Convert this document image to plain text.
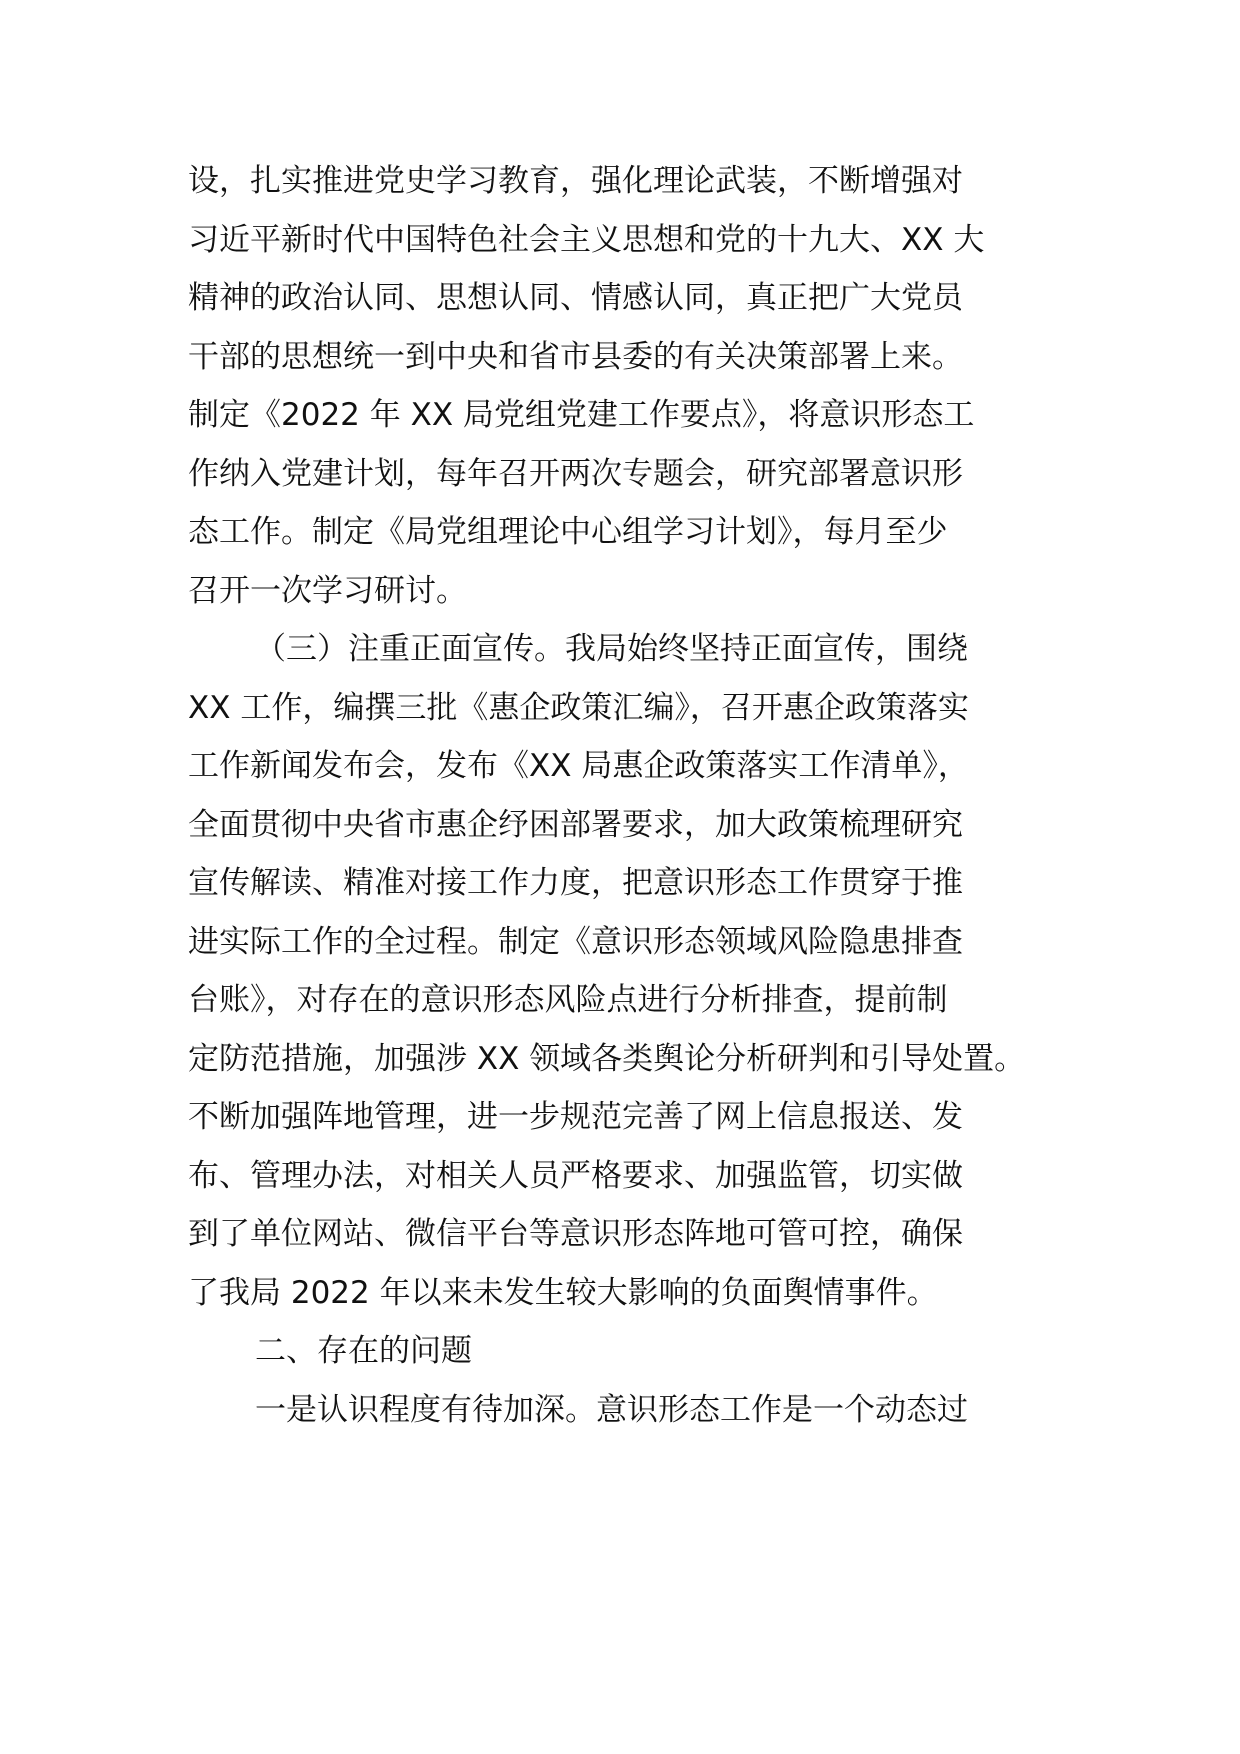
设，扎实推进党史学习教育，强化理论武装，不断增强对
习近平新时代中国特色社会主义思想和党的十九大、XX 大
精神的政治认同、思想认同、情感认同，真正把广大党员
干部的思想统一到中央和省市县委的有关决策部署上来。
制定《2022 年 XX 局党组党建工作要点》，将意识形态工
作纳入党建计划，每年召开两次专题会，研究部署意识形
态工作。制定《局党组理论中心组学习计划》，每月至少
召开一次学习研讨。
（三）注重正面宣传。我局始终坚持正面宣传，围绕
XX 工作，编撰三批《惠企政策汇编》，召开惠企政策落实
工作新闻发布会，发布《XX 局惠企政策落实工作清单》，
全面贯彻中央省市惠企纾困部署要求，加大政策梳理研究
宣传解读、精准对接工作力度，把意识形态工作贯穿于推
进实际工作的全过程。制定《意识形态领域风险隐患排查
台账》，对存在的意识形态风险点进行分析排查，提前制
定防范措施，加强涉 XX 领域各类舆论分析研判和引导处置。
不断加强阵地管理，进一步规范完善了网上信息报送、发
布、管理办法，对相关人员严格要求、加强监管，切实做
到了单位网站、微信平台等意识形态阵地可管可控，确保
了我局 2022 年以来未发生较大影响的负面舆情事件。
二、存在的问题
一是认识程度有待加深。意识形态工作是一个动态过
